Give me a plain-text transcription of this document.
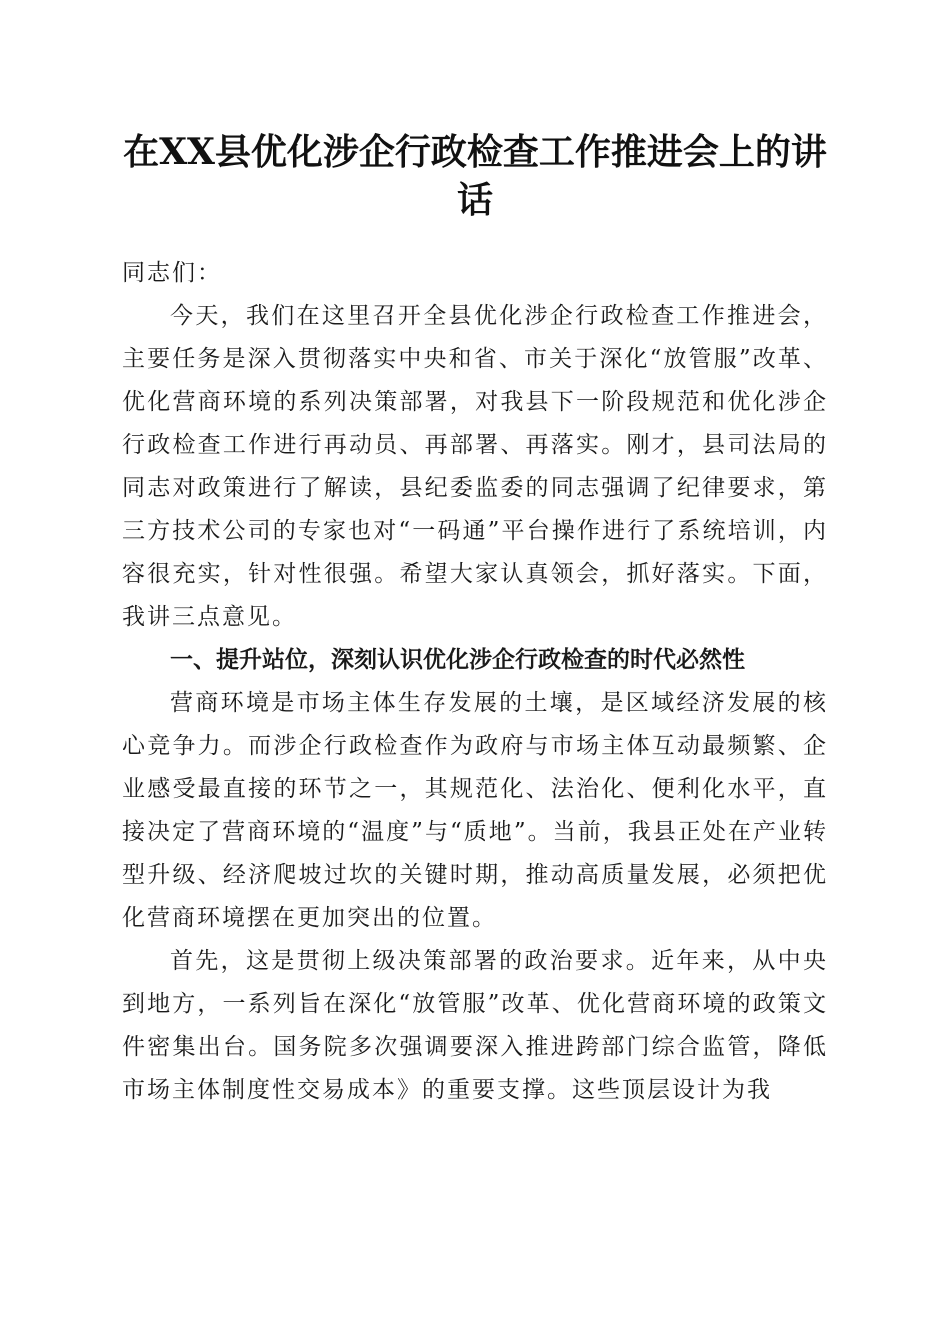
在XX县优化涉企行政检查工作推进会上的讲话

同志们：

今天，我们在这里召开全县优化涉企行政检查工作推进会，主要任务是深入贯彻落实中央和省、市关于深化“放管服”改革、优化营商环境的系列决策部署，对我县下一阶段规范和优化涉企行政检查工作进行再动员、再部署、再落实。刚才，县司法局的同志对政策进行了解读，县纪委监委的同志强调了纪律要求，第三方技术公司的专家也对“一码通”平台操作进行了系统培训，内容很充实，针对性很强。希望大家认真领会，抓好落实。下面，我讲三点意见。

一、提升站位，深刻认识优化涉企行政检查的时代必然性

营商环境是市场主体生存发展的土壤，是区域经济发展的核心竞争力。而涉企行政检查作为政府与市场主体互动最频繁、企业感受最直接的环节之一，其规范化、法治化、便利化水平，直接决定了营商环境的“温度”与“质地”。当前，我县正处在产业转型升级、经济爬坡过坎的关键时期，推动高质量发展，必须把优化营商环境摆在更加突出的位置。

首先，这是贯彻上级决策部署的政治要求。近年来，从中央到地方，一系列旨在深化“放管服”改革、优化营商环境的政策文件密集出台。国务院多次强调要深入推进跨部门综合监管，降低市场主体制度性交易成本》的重要支撑。这些顶层设计为我
